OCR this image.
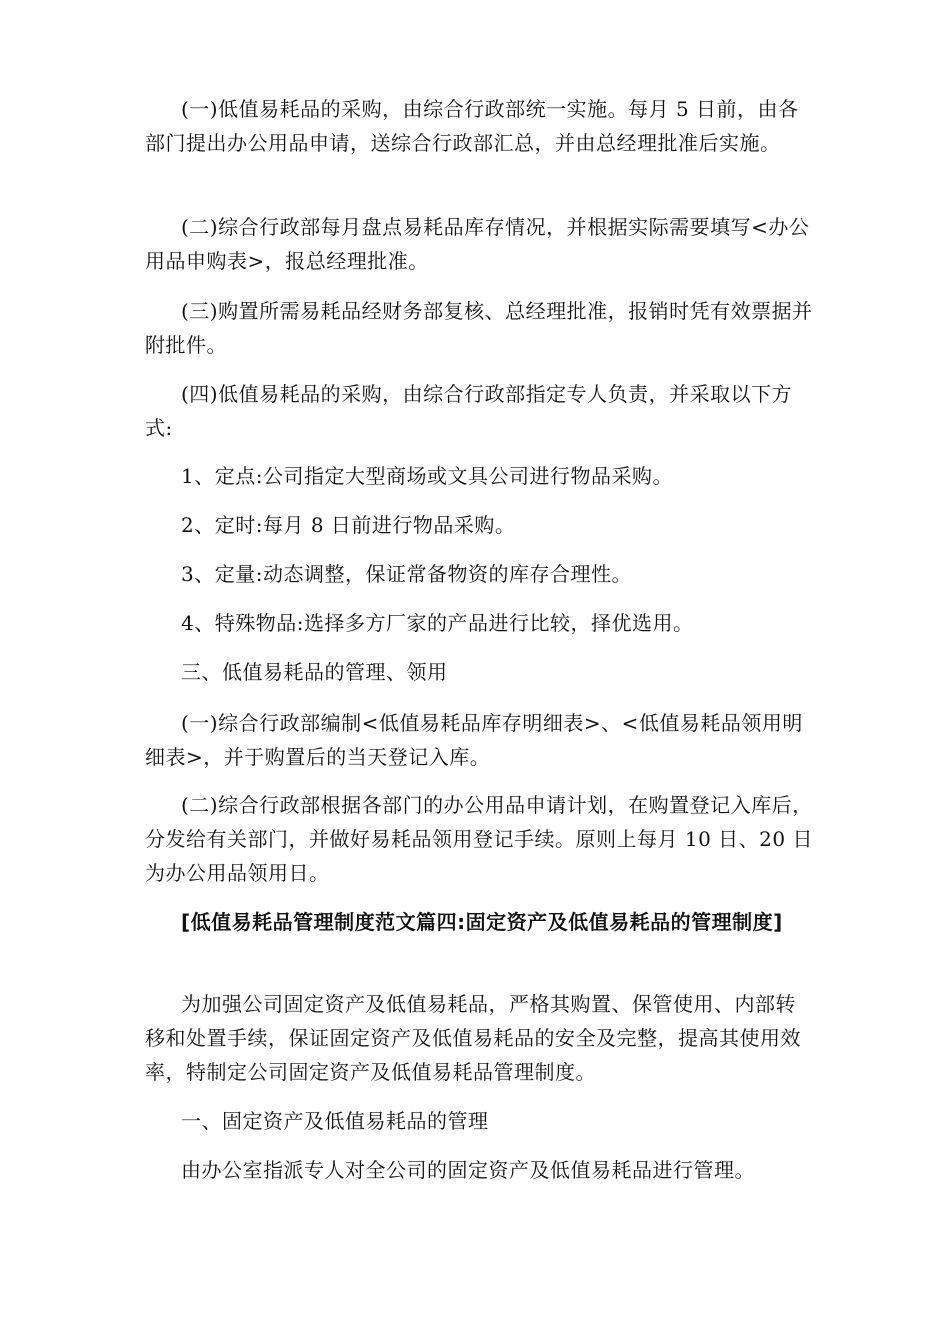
(一)低值易耗品的采购，由综合行政部统一实施。每月 5 日前，由各部门提出办公用品申请，送综合行政部汇总，并由总经理批准后实施。

(二)综合行政部每月盘点易耗品库存情况，并根据实际需要填写<办公用品申购表>，报总经理批准。

(三)购置所需易耗品经财务部复核、总经理批准，报销时凭有效票据并附批件。

(四)低值易耗品的采购，由综合行政部指定专人负责，并采取以下方式:

1、定点:公司指定大型商场或文具公司进行物品采购。

2、定时:每月 8 日前进行物品采购。

3、定量:动态调整，保证常备物资的库存合理性。

4、特殊物品:选择多方厂家的产品进行比较，择优选用。

三、低值易耗品的管理、领用

(一)综合行政部编制<低值易耗品库存明细表>、<低值易耗品领用明细表>，并于购置后的当天登记入库。

(二)综合行政部根据各部门的办公用品申请计划，在购置登记入库后，分发给有关部门，并做好易耗品领用登记手续。原则上每月 10 日、20 日为办公用品领用日。

[低值易耗品管理制度范文篇四:固定资产及低值易耗品的管理制度]

为加强公司固定资产及低值易耗品，严格其购置、保管使用、内部转移和处置手续，保证固定资产及低值易耗品的安全及完整，提高其使用效率，特制定公司固定资产及低值易耗品管理制度。

一、固定资产及低值易耗品的管理

由办公室指派专人对全公司的固定资产及低值易耗品进行管理。
